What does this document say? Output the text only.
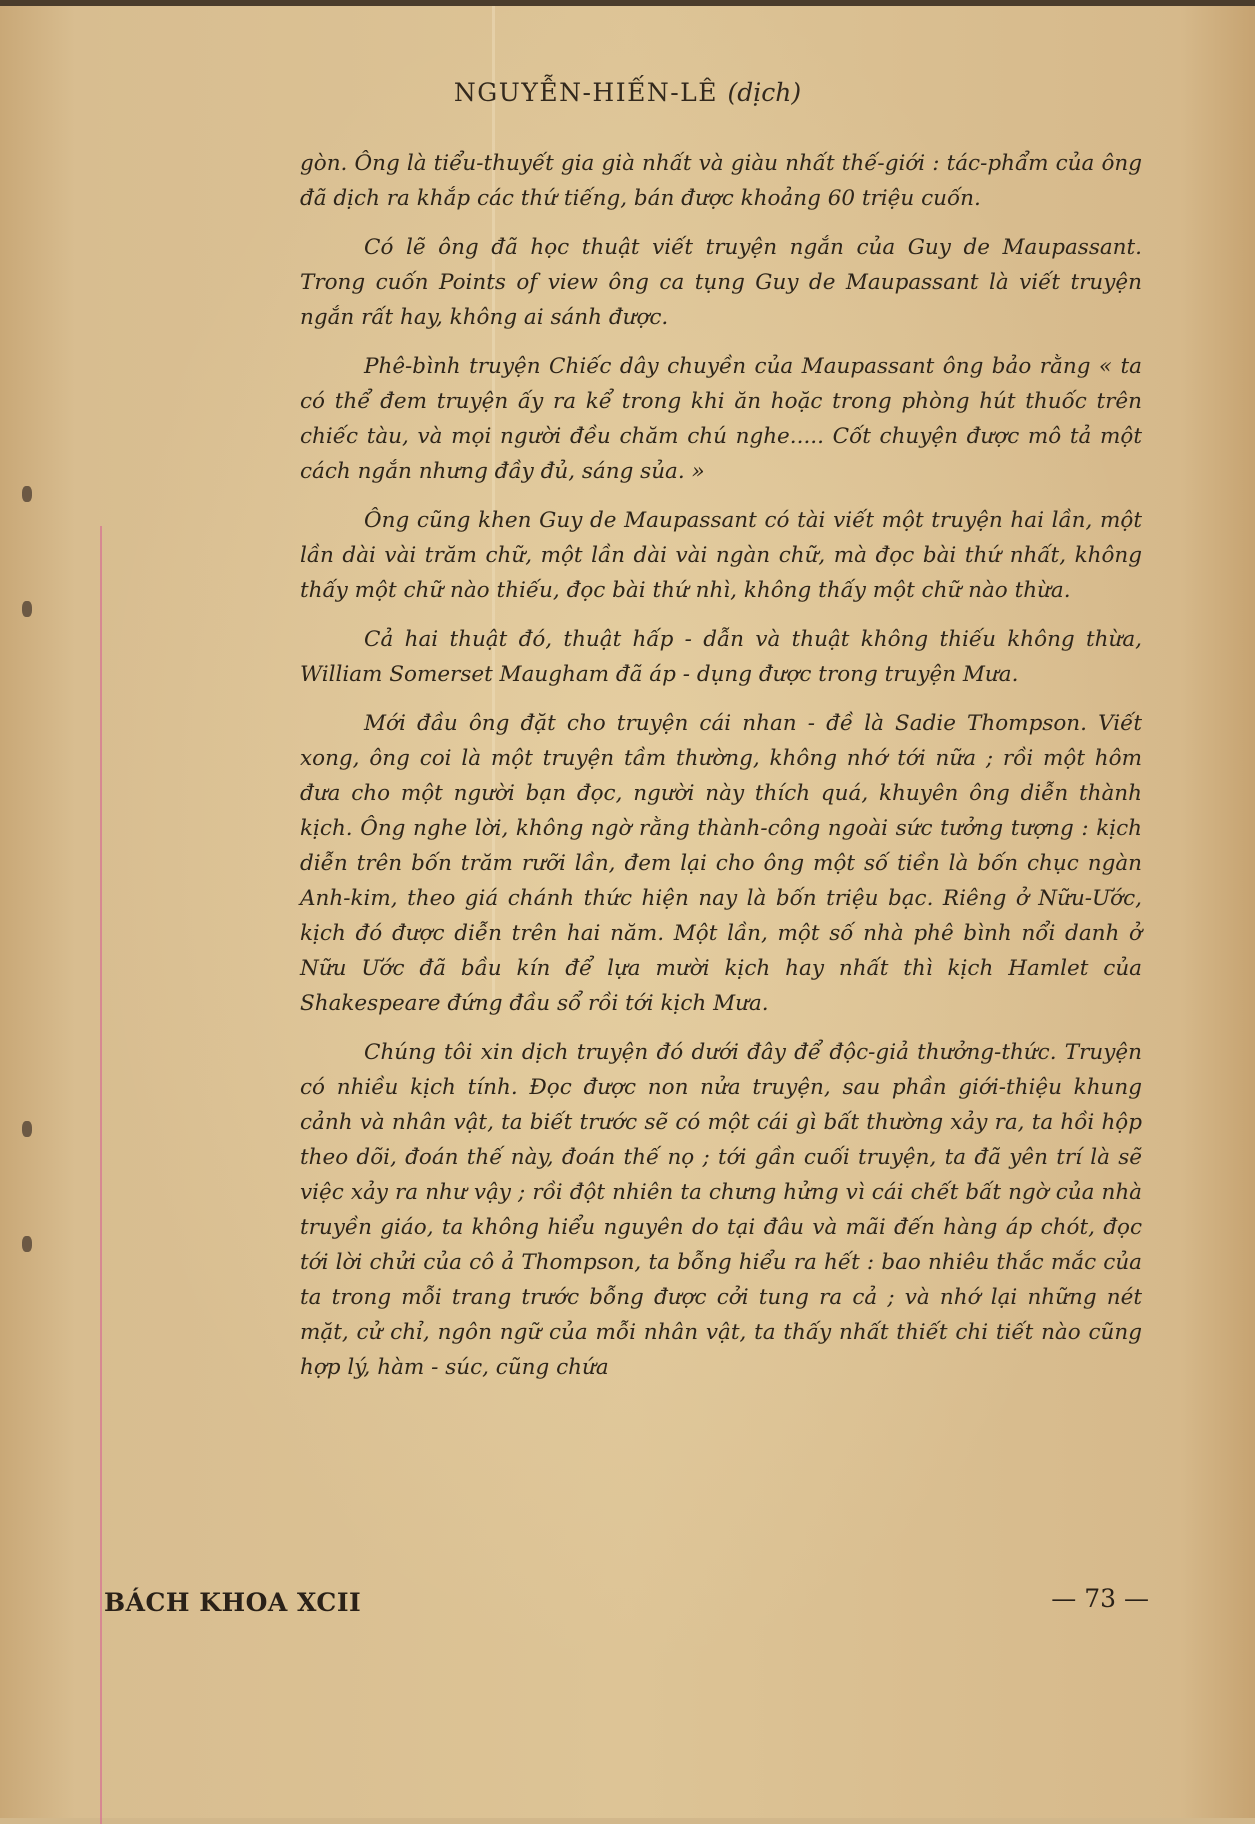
NGUYỄN-HIẾN-LÊ (dịch)

gòn. Ông là tiểu-thuyết gia già nhất và giàu nhất thế-giới : tác-phẩm của ông đã dịch ra khắp các thứ tiếng, bán được khoảng 60 triệu cuốn.

Có lẽ ông đã học thuật viết truyện ngắn của Guy de Maupassant. Trong cuốn Points of view ông ca tụng Guy de Maupassant là viết truyện ngắn rất hay, không ai sánh được.

Phê-bình truyện Chiếc dây chuyền của Maupassant ông bảo rằng « ta có thể đem truyện ấy ra kể trong khi ăn hoặc trong phòng hút thuốc trên chiếc tàu, và mọi người đều chăm chú nghe..... Cốt chuyện được mô tả một cách ngắn nhưng đầy đủ, sáng sủa. »

Ông cũng khen Guy de Maupassant có tài viết một truyện hai lần, một lần dài vài trăm chữ, một lần dài vài ngàn chữ, mà đọc bài thứ nhất, không thấy một chữ nào thiếu, đọc bài thứ nhì, không thấy một chữ nào thừa.

Cả hai thuật đó, thuật hấp - dẫn và thuật không thiếu không thừa, William Somerset Maugham đã áp - dụng được trong truyện Mưa.

Mới đầu ông đặt cho truyện cái nhan - đề là Sadie Thompson. Viết xong, ông coi là một truyện tầm thường, không nhớ tới nữa ; rồi một hôm đưa cho một người bạn đọc, người này thích quá, khuyên ông diễn thành kịch. Ông nghe lời, không ngờ rằng thành-công ngoài sức tưởng tượng : kịch diễn trên bốn trăm rưỡi lần, đem lại cho ông một số tiền là bốn chục ngàn Anh-kim, theo giá chánh thức hiện nay là bốn triệu bạc. Riêng ở Nữu-Ước, kịch đó được diễn trên hai năm. Một lần, một số nhà phê bình nổi danh ở Nữu Ước đã bầu kín để lựa mười kịch hay nhất thì kịch Hamlet của Shakespeare đứng đầu sổ rồi tới kịch Mưa.

Chúng tôi xin dịch truyện đó dưới đây để độc-giả thưởng-thức. Truyện có nhiều kịch tính. Đọc được non nửa truyện, sau phần giới-thiệu khung cảnh và nhân vật, ta biết trước sẽ có một cái gì bất thường xảy ra, ta hồi hộp theo dõi, đoán thế này, đoán thế nọ ; tới gần cuối truyện, ta đã yên trí là sẽ việc xảy ra như vậy ; rồi đột nhiên ta chưng hửng vì cái chết bất ngờ của nhà truyền giáo, ta không hiểu nguyên do tại đâu và mãi đến hàng áp chót, đọc tới lời chửi của cô ả Thompson, ta bỗng hiểu ra hết : bao nhiêu thắc mắc của ta trong mỗi trang trước bỗng được cởi tung ra cả ; và nhớ lại những nét mặt, cử chỉ, ngôn ngữ của mỗi nhân vật, ta thấy nhất thiết chi tiết nào cũng hợp lý, hàm - súc, cũng chứa

BÁCH KHOA XCII	— 73 —
